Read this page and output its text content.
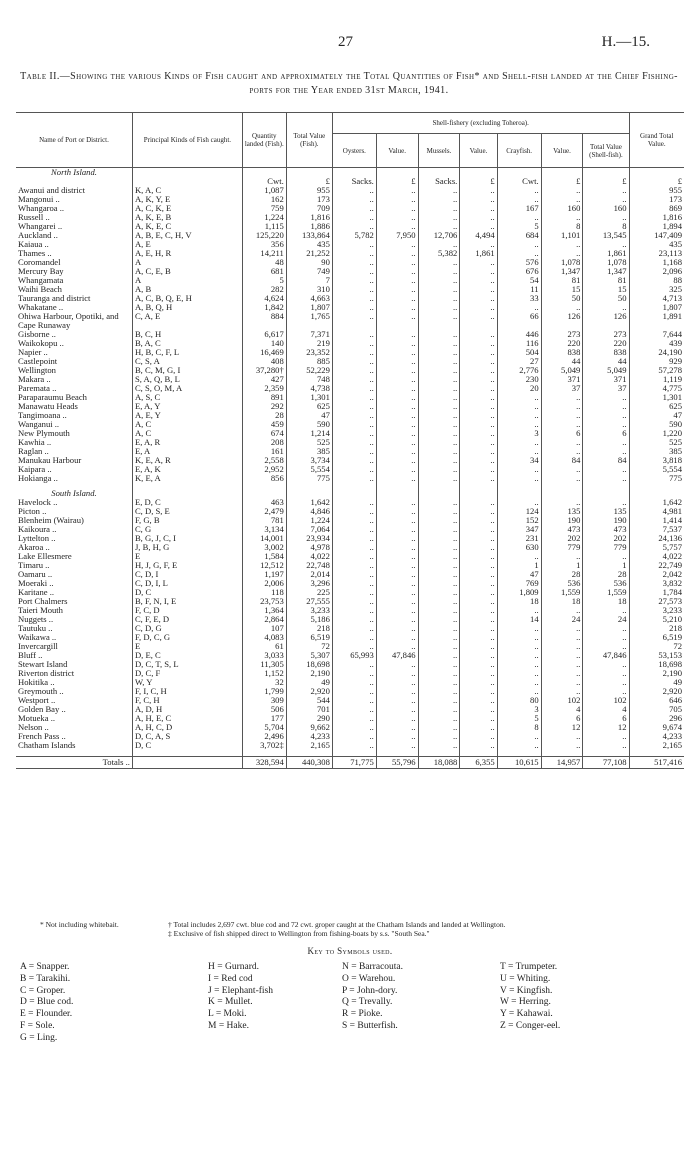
27	H.—15.
Table II.—Showing the various Kinds of Fish caught and approximately the Total Quantities of Fish* and Shell-fish landed at the Chief Fishing-ports for the Year ended 31st March, 1941.
Name of Port or District.	Principal Kinds of Fish caught.	Quantity landed (Fish).	Total Value (Fish).	Shell-fishery (excluding Toheroa).							Grand Total Value.
				Oysters.	Value.	Mussels.	Value.	Crayfish.	Value.	Total Value (Shell-fish).	
North Island.											
		Cwt.	£	Sacks.	£	Sacks.	£	Cwt.	£	£	£
Awanui and district	K, A, C	1,087	955	..	..	..	..	..	..	..	955
Mangonui ..	A, K, Y, E	162	173	..	..	..	..	..	..	..	173
Whangaroa ..	A, C, K, E	759	709	..	..	..	..	167	160	160	869
Russell ..	A, K, E, B	1,224	1,816	..	..	..	..	..	..	..	1,816
Whangarei ..	A, K, E, C	1,115	1,886	..	..	..	..	5	8	8	1,894
Auckland ..	A, B, E, C, H, V	125,220	133,864	5,782	7,950	12,706	4,494	684	1,101	13,545	147,409
Kaiaua ..	A, E	356	435	..	..	..	..	..	..	..	435
Thames ..	A, E, H, R	14,211	21,252	..	..	5,382	1,861	..	..	1,861	23,113
Coromandel	A	48	90	..	..	..	..	576	1,078	1,078	1,168
Mercury Bay	A, C, E, B	681	749	..	..	..	..	676	1,347	1,347	2,096
Whangamata	A	5	7	..	..	..	..	54	81	81	88
Waihi Beach	A, B	282	310	..	..	..	..	11	15	15	325
Tauranga and district	A, C, B, Q, E, H	4,624	4,663	..	..	..	..	33	50	50	4,713
Whakatane ..	A, B, Q, H	1,842	1,807	..	..	..	..	..	..	..	1,807
Ohiwa Harbour, Opotiki, and Cape Runaway	C, A, E	884	1,765	..	..	..	..	66	126	126	1,891
Gisborne ..	B, C, H	6,617	7,371	..	..	..	..	446	273	273	7,644
Waikokopu ..	B, A, C	140	219	..	..	..	..	116	220	220	439
Napier ..	H, B, C, F, L	16,469	23,352	..	..	..	..	504	838	838	24,190
Castlepoint	C, S, A	408	885	..	..	..	..	27	44	44	929
Wellington	B, C, M, G, I	37,280†	52,229	..	..	..	..	2,776	5,049	5,049	57,278
Makara ..	S, A, Q, B, L	427	748	..	..	..	..	230	371	371	1,119
Paremata ..	C, S, O, M, A	2,359	4,738	..	..	..	..	20	37	37	4,775
Paraparaumu Beach	A, S, C	891	1,301	..	..	..	..	..	..	..	1,301
Manawatu Heads	E, A, Y	292	625	..	..	..	..	..	..	..	625
Tangimoana ..	A, E, Y	28	47	..	..	..	..	..	..	..	47
Wanganui ..	A, C	459	590	..	..	..	..	..	..	..	590
New Plymouth	A, C	674	1,214	..	..	..	..	3	6	6	1,220
Kawhia ..	E, A, R	208	525	..	..	..	..	..	..	..	525
Raglan ..	E, A	161	385	..	..	..	..	..	..	..	385
Manukau Harbour	K, E, A, R	2,558	3,734	..	..	..	..	34	84	84	3,818
Kaipara ..	E, A, K	2,952	5,554	..	..	..	..	..	..	..	5,554
Hokianga ..	K, E, A	856	775	..	..	..	..	..	..	..	775

South Island.											
Havelock ..	E, D, C	463	1,642	..	..	..	..	..	..	..	1,642
Picton ..	C, D, S, E	2,479	4,846	..	..	..	..	124	135	135	4,981
Blenheim (Wairau)	F, G, B	781	1,224	..	..	..	..	152	190	190	1,414
Kaikoura ..	C, G	3,134	7,064	..	..	..	..	347	473	473	7,537
Lyttelton ..	B, G, J, C, I	14,001	23,934	..	..	..	..	231	202	202	24,136
Akaroa ..	J, B, H, G	3,002	4,978	..	..	..	..	630	779	779	5,757
Lake Ellesmere	E	1,584	4,022	..	..	..	..	..	..	..	4,022
Timaru ..	H, J, G, F, E	12,512	22,748	..	..	..	..	1	1	1	22,749
Oamaru ..	C, D, I	1,197	2,014	..	..	..	..	47	28	28	2,042
Moeraki ..	C, D, I, L	2,006	3,296	..	..	..	..	769	536	536	3,832
Karitane ..	D, C	118	225	..	..	..	..	1,809	1,559	1,559	1,784
Port Chalmers	B, F, N, I, E	23,753	27,555	..	..	..	..	18	18	18	27,573
Taieri Mouth	F, C, D	1,364	3,233	..	..	..	..	..	..	..	3,233
Nuggets ..	C, F, E, D	2,864	5,186	..	..	..	..	14	24	24	5,210
Tautuku ..	C, D, G	107	218	..	..	..	..	..	..	..	218
Waikawa ..	F, D, C, G	4,083	6,519	..	..	..	..	..	..	..	6,519
Invercargill	E	61	72	..	..	..	..	..	..	..	72
Bluff ..	D, E, C	3,033	5,307	65,993	47,846	..	..	..	..	47,846	53,153
Stewart Island	D, C, T, S, L	11,305	18,698	..	..	..	..	..	..	..	18,698
Riverton district	D, C, F	1,152	2,190	..	..	..	..	..	..	..	2,190
Hokitika ..	W, Y	32	49	..	..	..	..	..	..	..	49
Greymouth ..	F, I, C, H	1,799	2,920	..	..	..	..	..	..	..	2,920
Westport ..	F, C, H	309	544	..	..	..	..	80	102	102	646
Golden Bay ..	A, D, H	506	701	..	..	..	..	3	4	4	705
Motueka ..	A, H, E, C	177	290	..	..	..	..	5	6	6	296
Nelson ..	A, H, C, D	5,704	9,662	..	..	..	..	8	12	12	9,674
French Pass ..	D, C, A, S	2,496	4,233	..	..	..	..	..	..	..	4,233
Chatham Islands	D, C	3,702‡	2,165	..	..	..	..	..	..	..	2,165

Totals ..		328,594	440,308	71,775	55,796	18,088	6,355	10,615	14,957	77,108	517,416
* Not including whitebait.	† Total includes 2,697 cwt. blue cod and 72 cwt. groper caught at the Chatham Islands and landed at Wellington.
‡ Exclusive of fish shipped direct to Wellington from fishing-boats by s.s. "South Sea."
Key to Symbols used.
A = Snapper.
B = Tarakihi.
C = Groper.
D = Blue cod.
E = Flounder.
F = Sole.
G = Ling.
H = Gurnard.
I = Red cod
J = Elephant-fish
K = Mullet.
L = Moki.
M = Hake.
N = Barracouta.
O = Warehou.
P = John-dory.
Q = Trevally.
R = Pioke.
S = Butterfish.
T = Trumpeter.
U = Whiting.
V = Kingfish.
W = Herring.
Y = Kahawai.
Z = Conger-eel.
